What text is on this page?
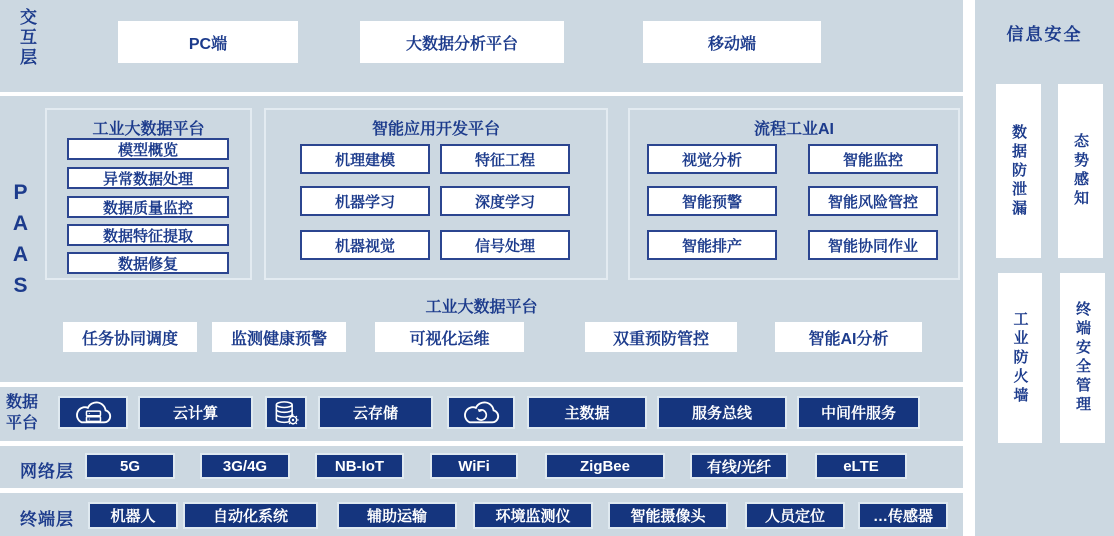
交互层	PC端	大数据分析平台	移动端
PAAS
工业大数据平台
模型概览
异常数据处理
数据质量监控
数据特征提取
数据修复
智能应用开发平台
机理建模	特征工程
机器学习	深度学习
机器视觉	信号处理
流程工业AI
视觉分析	智能监控
智能预警	智能风险管控
智能排产	智能协同作业
工业大数据平台
任务协同调度	监测健康预警	可视化运维	双重预防管控	智能AI分析
数据平台
云计算	云存储	主数据	服务总线	中间件服务
网络层	5G	3G/4G	NB-IoT	WiFi	ZigBee	有线/光纤	eLTE
终端层	机器人	自动化系统	辅助运输	环境监测仪	智能摄像头	人员定位	…传感器
信息安全
数据防泄漏	态势感知
工业防火墙	终端安全管理
